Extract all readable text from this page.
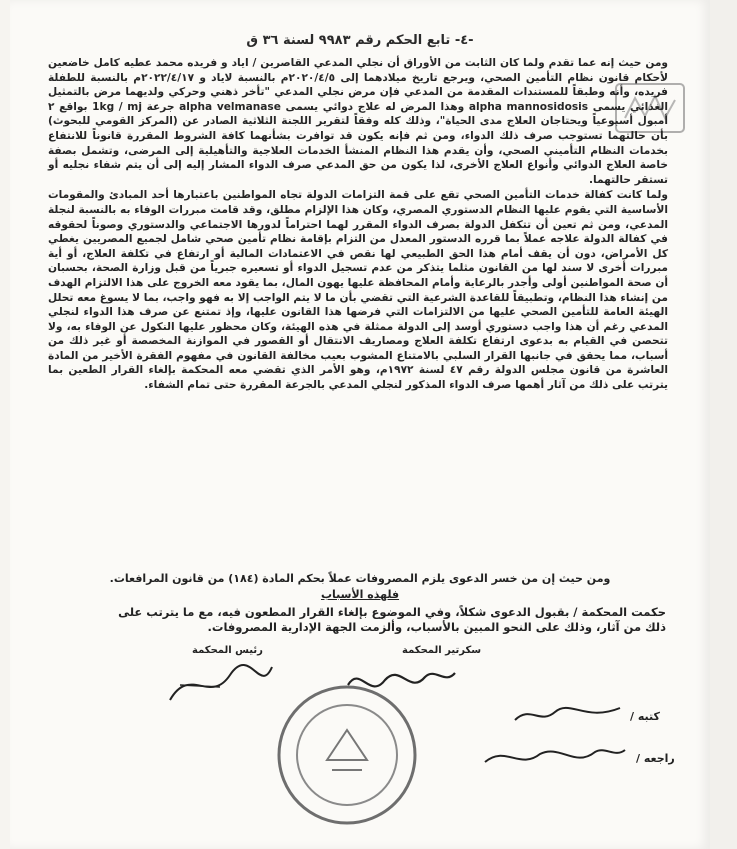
-٤- تابع الحكم رقم ٩٩٨٣ لسنة ٣٦ ق

ومن حيث إنه عما تقدم ولما كان الثابت من الأوراق أن نجلي المدعي القاصرين / اياد و فريده محمد عطيه كامل خاضعين لأحكام قانون نظام التأمين الصحي، ويرجع تاريخ ميلادهما إلى ٢٠٢٠/٤/٥م بالنسبة لاياد و ٢٠٢٢/٤/١٧م بالنسبة للطفلة فريده، وأنه وطبقاً للمستندات المقدمة من المدعي فإن مرض نجلي المدعي "تأخر ذهني وحركي ولديهما مرض بالتمثيل الغذائي يسمى alpha mannosidosis وهذا المرض له علاج دوائي يسمى alpha velmanase جرعة 1kg / mj بواقع ٢ أمبول أسبوعياً ويحتاجان العلاج مدى الحياة"، وذلك كله وفقاً لتقرير اللجنة الثلاثية الصادر عن (المركز القومي للبحوث) بأن حالتهما تستوجب صرف ذلك الدواء، ومن ثم فإنه يكون قد توافرت بشأنهما كافة الشروط المقررة قانوناً للانتفاع بخدمات النظام التأميني الصحي، وأن يقدم هذا النظام المنشأ الخدمات العلاجية والتأهيلية إلى المرضى، وتشمل بصفة خاصة العلاج الدوائي وأنواع العلاج الأخرى، لذا يكون من حق المدعي صرف الدواء المشار إليه إلى أن يتم شفاء نجليه أو تستقر حالتهما.

ولما كانت كفالة خدمات التأمين الصحي تقع على قمة التزامات الدولة تجاه المواطنين باعتبارها أحد المبادئ والمقومات الأساسية التي يقوم عليها النظام الدستوري المصري، وكان هذا الإلزام مطلق، وقد قامت مبررات الوفاء به بالنسبة لنجلة المدعي، ومن ثم تعين أن تتكفل الدولة بصرف الدواء المقرر لهما احتراماً لدورها الاجتماعي والدستوري وصوناً لحقوقه في كفالة الدولة علاجه عملاً بما قرره الدستور المعدل من التزام بإقامة نظام تأمين صحي شامل لجميع المصريين يغطي كل الأمراض، دون أن يقف أمام هذا الحق الطبيعي لها نقص في الاعتمادات المالية أو ارتفاع في تكلفة العلاج، أو أية مبررات أخرى لا سند لها من القانون مثلما يتذكر من عدم تسجيل الدواء أو تسعيره جبرياً من قبل وزارة الصحة، بحسبان أن صحة المواطنين أولى وأجدر بالرعاية وأمام المحافظة عليها يهون المال، بما يقود معه الخروج على هذا الالتزام الهدف من إنشاء هذا النظام، وتطبيقاً للقاعدة الشرعية التي تقضي بأن ما لا يتم الواجب إلا به فهو واجب، بما لا يسوغ معه تحلل الهيئة العامة للتأمين الصحي عليها من الالتزامات التي فرضها هذا القانون عليها، وإذ تمتنع عن صرف هذا الدواء لنجلي المدعي رغم أن هذا واجب دستوري أوسد إلى الدولة ممثلة في هذه الهيئة، وكان محظور عليها النكول عن الوفاء به، ولا تتحصن في القيام به بدعوى ارتفاع تكلفة العلاج ومصاريف الانتقال أو القصور في الموازنة المخصصة أو غير ذلك من أسباب، مما يحقق في جانبها القرار السلبي بالامتناع المشوب بعيب مخالفة القانون في مفهوم الفقرة الأخير من المادة العاشرة من قانون مجلس الدولة رقم ٤٧ لسنة ١٩٧٢م، وهو الأمر الذي تقضي معه المحكمة بإلغاء القرار الطعين بما يترتب على ذلك من آثار أهمها صرف الدواء المذكور لنجلي المدعي بالجرعة المقررة حتى تمام الشفاء.

ومن حيث إن من خسر الدعوى يلزم المصروفات عملاً بحكم المادة (١٨٤) من قانون المرافعات.
فلهذه الأسباب
حكمت المحكمة / بقبول الدعوى شكلاً، وفي الموضوع بإلغاء القرار المطعون فيه، مع ما يترتب على ذلك من آثار، وذلك على النحو المبين بالأسباب، وألزمت الجهة الإدارية المصروفات.
سكرتير المحكمة
رئيس المحكمة
كتبه /
راجعه /
